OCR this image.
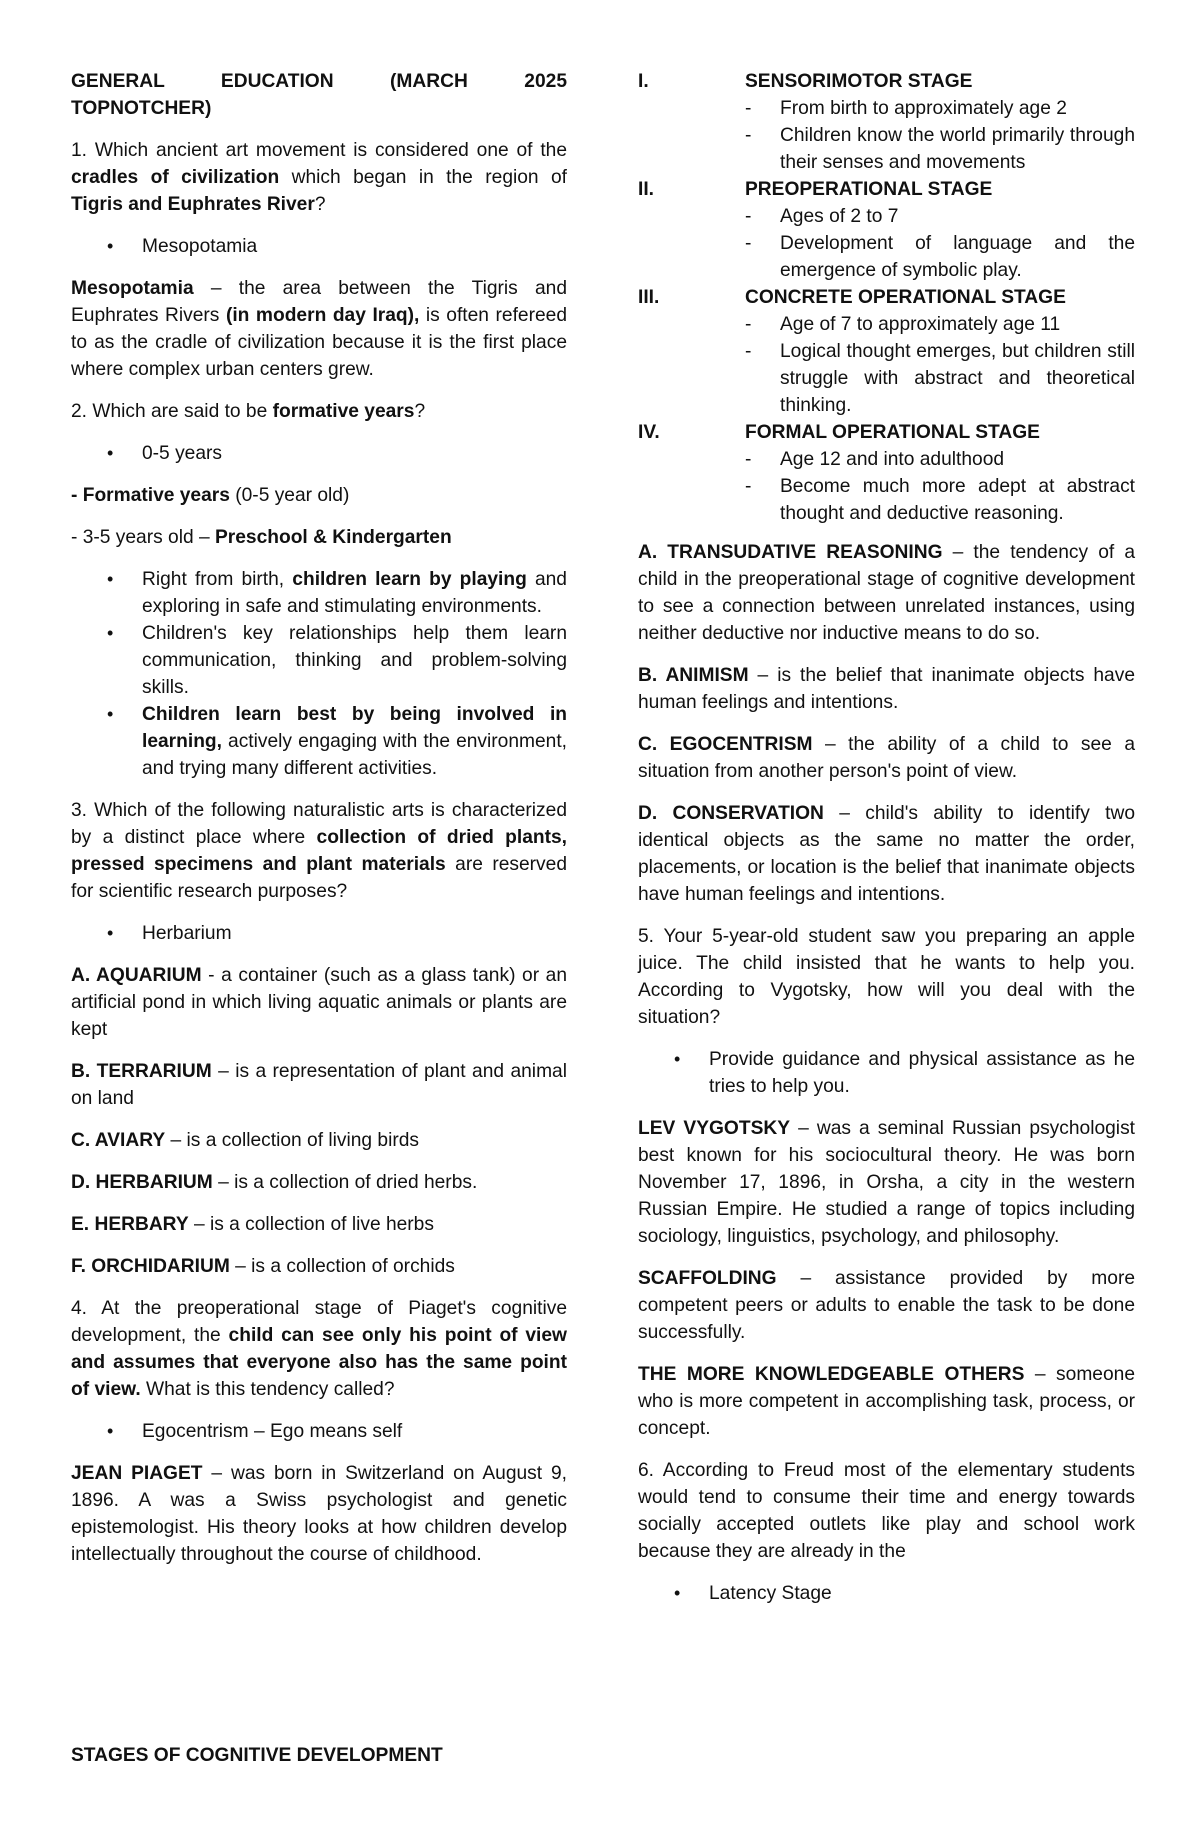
GENERAL EDUCATION (MARCH 2025

TOPNOTCHER)

1. Which ancient art movement is considered one of the cradles of civilization which began in the region of Tigris and Euphrates River?

• Mesopotamia

Mesopotamia – the area between the Tigris and Euphrates Rivers (in modern day Iraq), is often refereed to as the cradle of civilization because it is the first place where complex urban centers grew.

2. Which are said to be formative years?

• 0-5 years

- Formative years (0-5 year old)

- 3-5 years old – Preschool & Kindergarten

• Right from birth, children learn by playing and exploring in safe and stimulating environments.
• Children's key relationships help them learn communication, thinking and problem-solving skills.
• Children learn best by being involved in learning, actively engaging with the environment, and trying many different activities.

3. Which of the following naturalistic arts is characterized by a distinct place where collection of dried plants, pressed specimens and plant materials are reserved for scientific research purposes?

• Herbarium

A. AQUARIUM - a container (such as a glass tank) or an artificial pond in which living aquatic animals or plants are kept

B. TERRARIUM – is a representation of plant and animal on land

C. AVIARY – is a collection of living birds

D. HERBARIUM – is a collection of dried herbs.

E. HERBARY – is a collection of live herbs

F. ORCHIDARIUM – is a collection of orchids

4. At the preoperational stage of Piaget's cognitive development, the child can see only his point of view and assumes that everyone also has the same point of view. What is this tendency called?

• Egocentrism – Ego means self

JEAN PIAGET – was born in Switzerland on August 9, 1896. A was a Swiss psychologist and genetic epistemologist. His theory looks at how children develop intellectually throughout the course of childhood.

STAGES OF COGNITIVE DEVELOPMENT
I.	SENSORIMOTOR STAGE
- From birth to approximately age 2
- Children know the world primarily through their senses and movements
II.	PREOPERATIONAL STAGE
- Ages of 2 to 7
- Development of language and the emergence of symbolic play.
III.	CONCRETE OPERATIONAL STAGE
- Age of 7 to approximately age 11
- Logical thought emerges, but children still struggle with abstract and theoretical thinking.
IV.	FORMAL OPERATIONAL STAGE
- Age 12 and into adulthood
- Become much more adept at abstract thought and deductive reasoning.

A. TRANSUDATIVE REASONING – the tendency of a child in the preoperational stage of cognitive development to see a connection between unrelated instances, using neither deductive nor inductive means to do so.

B. ANIMISM – is the belief that inanimate objects have human feelings and intentions.

C. EGOCENTRISM – the ability of a child to see a situation from another person's point of view.

D. CONSERVATION – child's ability to identify two identical objects as the same no matter the order, placements, or location is the belief that inanimate objects have human feelings and intentions.

5. Your 5-year-old student saw you preparing an apple juice. The child insisted that he wants to help you. According to Vygotsky, how will you deal with the situation?

• Provide guidance and physical assistance as he tries to help you.

LEV VYGOTSKY – was a seminal Russian psychologist best known for his sociocultural theory. He was born November 17, 1896, in Orsha, a city in the western Russian Empire. He studied a range of topics including sociology, linguistics, psychology, and philosophy.

SCAFFOLDING – assistance provided by more competent peers or adults to enable the task to be done successfully.

THE MORE KNOWLEDGEABLE OTHERS – someone who is more competent in accomplishing task, process, or concept.

6. According to Freud most of the elementary students would tend to consume their time and energy towards socially accepted outlets like play and school work because they are already in the

• Latency Stage
